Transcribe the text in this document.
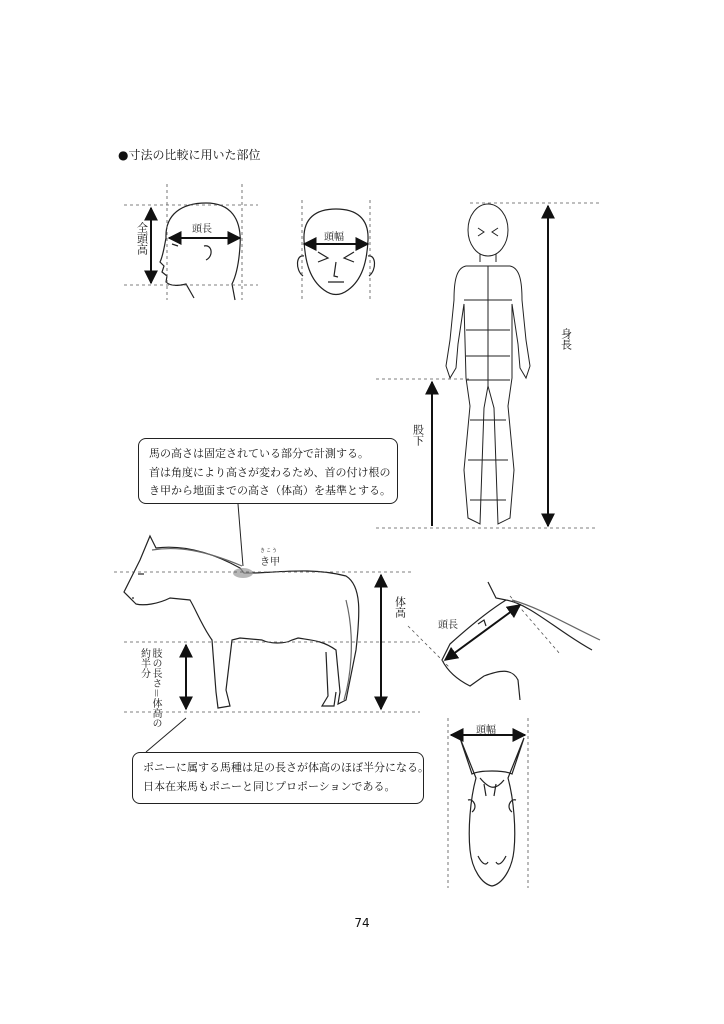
●寸法の比較に用いた部位
全頭高	頭長
頭幅
身長
股下
馬の高さは固定されている部分で計測する。
首は角度により高さが変わるため、首の付け根の
き甲から地面までの高さ（体高）を基準とする。
きこう
き甲
体高
肢の長さ＝体高の約半分
頭長
頭幅
ポニーに属する馬種は足の長さが体高のほぼ半分になる。
日本在来馬もポニーと同じプロポーションである。
74
